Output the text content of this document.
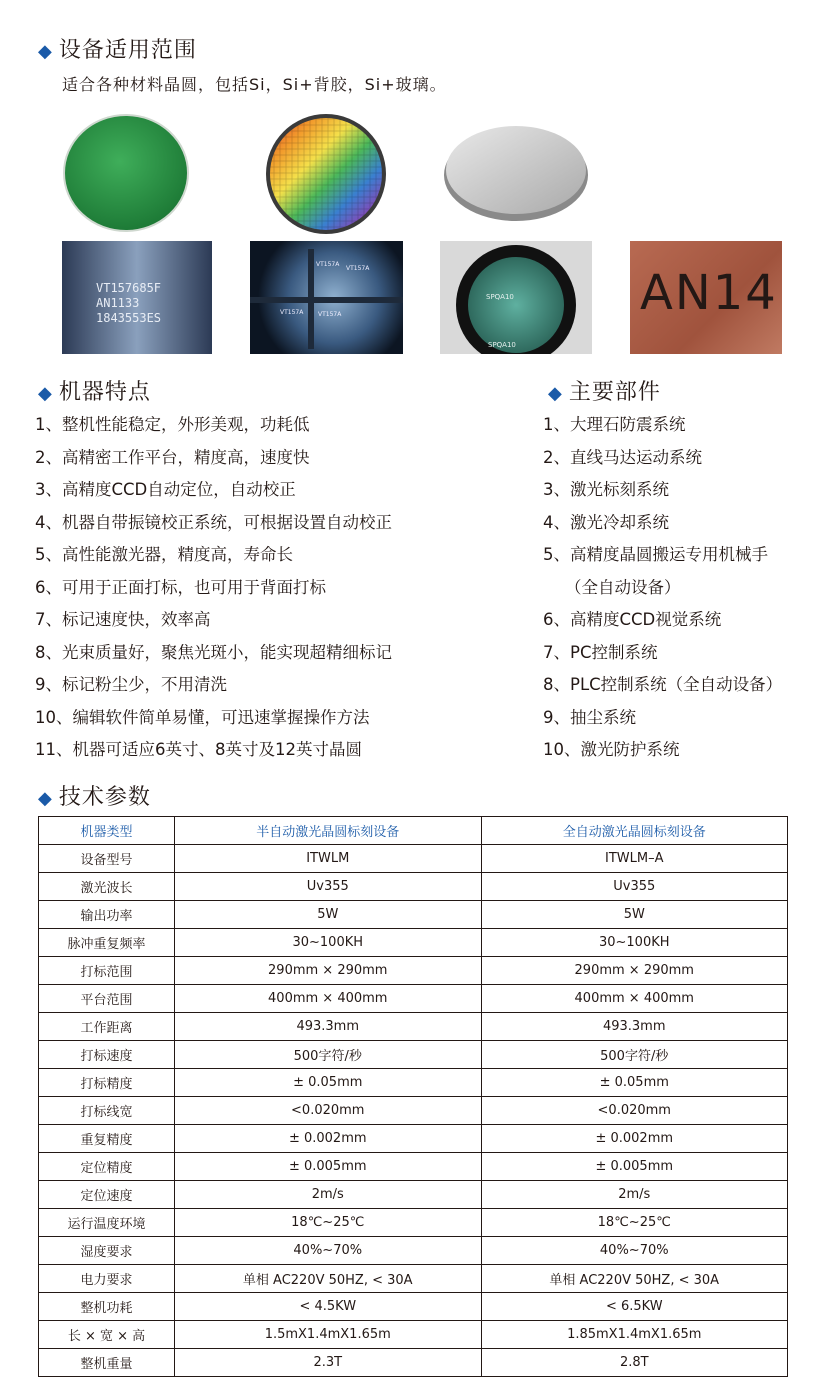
◆ 设备适用范围
适合各种材料晶圆，包括Si，Si+背胶，Si+玻璃。
VT157685F
AN1133
1843553ES
VT157A
VT157A
VT157A VT157A
SPQA10
SPQA10
AN14
◆ 机器特点
1、整机性能稳定，外形美观，功耗低
2、高精密工作平台，精度高，速度快
3、高精度CCD自动定位，自动校正
4、机器自带振镜校正系统，可根据设置自动校正
5、高性能激光器，精度高，寿命长
6、可用于正面打标，也可用于背面打标
7、标记速度快，效率高
8、光束质量好，聚焦光斑小，能实现超精细标记
9、标记粉尘少，不用清洗
10、编辑软件简单易懂，可迅速掌握操作方法
11、机器可适应6英寸、8英寸及12英寸晶圆
◆ 主要部件
1、大理石防震系统
2、直线马达运动系统
3、激光标刻系统
4、激光冷却系统
5、高精度晶圆搬运专用机械手
（全自动设备）
6、高精度CCD视觉系统
7、PC控制系统
8、PLC控制系统（全自动设备）
9、抽尘系统
10、激光防护系统
◆ 技术参数
机器类型	半自动激光晶圆标刻设备	全自动激光晶圆标刻设备
设备型号	ITWLM	ITWLM–A
激光波长	Uv355	Uv355
输出功率	5W	5W
脉冲重复频率	30~100KH	30~100KH
打标范围	290mm × 290mm	290mm × 290mm
平台范围	400mm × 400mm	400mm × 400mm
工作距离	493.3mm	493.3mm
打标速度	500字符/秒	500字符/秒
打标精度	± 0.05mm	± 0.05mm
打标线宽	<0.020mm	<0.020mm
重复精度	± 0.002mm	± 0.002mm
定位精度	± 0.005mm	± 0.005mm
定位速度	2m/s	2m/s
运行温度环境	18℃~25℃	18℃~25℃
湿度要求	40%~70%	40%~70%
电力要求	单相 AC220V 50HZ, < 30A	单相 AC220V 50HZ, < 30A
整机功耗	< 4.5KW	< 6.5KW
长 × 宽 × 高	1.5mX1.4mX1.65m	1.85mX1.4mX1.65m
整机重量	2.3T	2.8T
